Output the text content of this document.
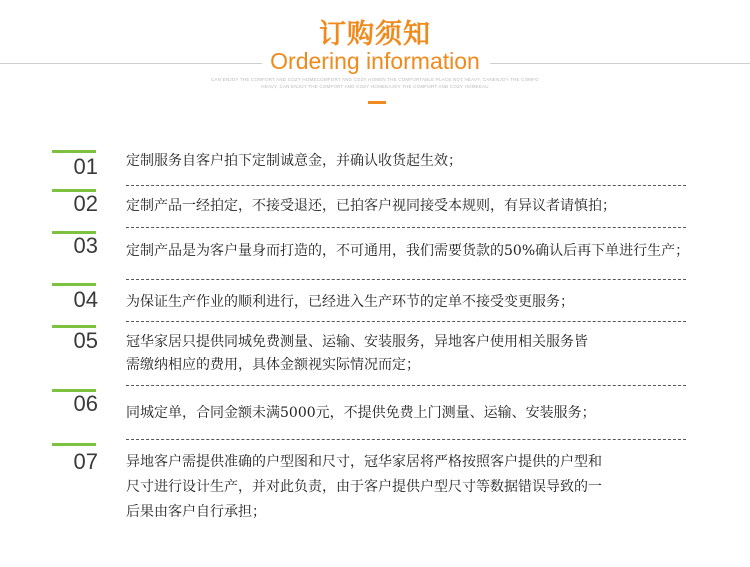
订购须知
Ordering information
CAN ENJOY THE COMFORT AND COZY HOMECOMFORT AND COZY HOMEN THE COMFORTABLE PLACE NOT HEAVY, CANENJOY THE COMFO
HEAVY, CAN ENJOY THE COMFORT AND COZY HOMEEAJOY THE COMFORT AND COZY HOMEEAU
01 定制服务自客户拍下定制诚意金，并确认收货起生效；
02 定制产品一经拍定，不接受退还，已拍客户视同接受本规则，有异议者请慎拍；
03 定制产品是为客户量身而打造的，不可通用，我们需要货款的50%确认后再下单进行生产；
04 为保证生产作业的顺利进行，已经进入生产环节的定单不接受变更服务；
05 冠华家居只提供同城免费测量、运输、安装服务，异地客户使用相关服务皆
需缴纳相应的费用，具体金额视实际情况而定；
06 同城定单，合同金额未满5000元，不提供免费上门测量、运输、安装服务；
07 异地客户需提供准确的户型图和尺寸，冠华家居将严格按照客户提供的户型和
尺寸进行设计生产，并对此负责，由于客户提供户型尺寸等数据错误导致的一
后果由客户自行承担；
